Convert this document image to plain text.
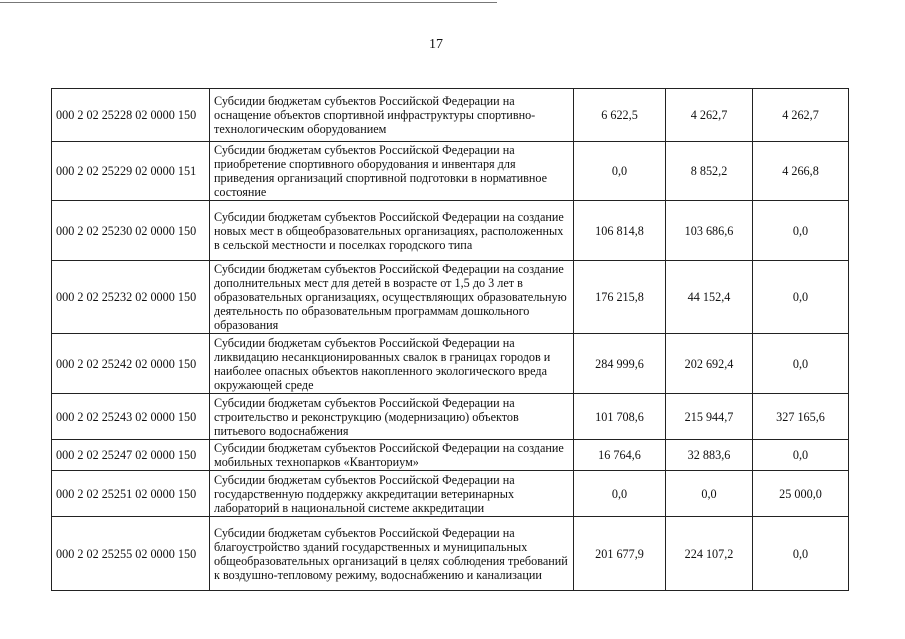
17
000 2 02 25228 02 0000 150	Субсидии бюджетам субъектов Российской Федерации на оснащение объектов спортивной инфраструктуры спортивно-технологическим оборудованием	6 622,5	4 262,7	4 262,7
000 2 02 25229 02 0000 151	Субсидии бюджетам субъектов Российской Федерации на приобретение спортивного оборудования и инвентаря для приведения организаций спортивной подготовки в нормативное состояние	0,0	8 852,2	4 266,8
000 2 02 25230 02 0000 150	Субсидии бюджетам субъектов Российской Федерации на создание новых мест в общеобразовательных организациях, расположенных в сельской местности и поселках городского типа	106 814,8	103 686,6	0,0
000 2 02 25232 02 0000 150	Субсидии бюджетам субъектов Российской Федерации на создание дополнительных мест для детей в возрасте от 1,5 до 3 лет в образовательных организациях, осуществляющих образовательную деятельность по образовательным программам дошкольного образования	176 215,8	44 152,4	0,0
000 2 02 25242 02 0000 150	Субсидии бюджетам субъектов Российской Федерации на ликвидацию несанкционированных свалок в границах городов и наиболее опасных объектов накопленного экологического вреда окружающей среде	284 999,6	202 692,4	0,0
000 2 02 25243 02 0000 150	Субсидии бюджетам субъектов Российской Федерации на строительство и реконструкцию (модернизацию) объектов питьевого водоснабжения	101 708,6	215 944,7	327 165,6
000 2 02 25247 02 0000 150	Субсидии бюджетам субъектов Российской Федерации на создание мобильных технопарков «Кванториум»	16 764,6	32 883,6	0,0
000 2 02 25251 02 0000 150	Субсидии бюджетам субъектов Российской Федерации на государственную поддержку аккредитации ветеринарных лабораторий в национальной системе аккредитации	0,0	0,0	25 000,0
000 2 02 25255 02 0000 150	Субсидии бюджетам субъектов Российской Федерации на благоустройство зданий государственных и муниципальных общеобразовательных организаций в целях соблюдения требований к воздушно-тепловому режиму, водоснабжению и канализации	201 677,9	224 107,2	0,0
